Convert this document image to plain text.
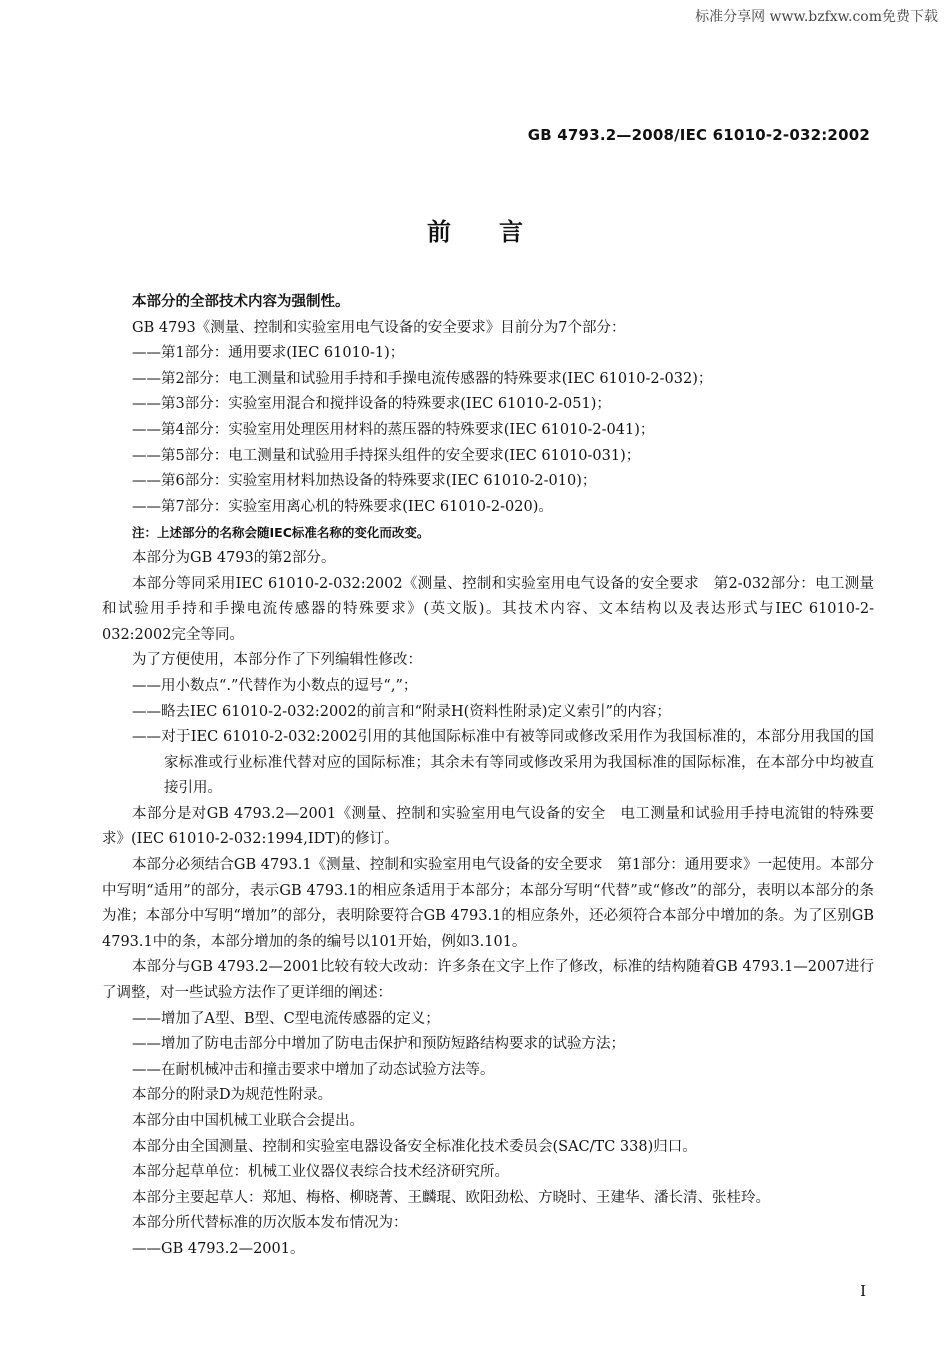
标准分享网 www.bzfxw.com免费下载
GB 4793.2—2008/IEC 61010-2-032:2002
前言

本部分的全部技术内容为强制性。

GB 4793《测量、控制和实验室用电气设备的安全要求》目前分为7个部分：

——第1部分：通用要求(IEC 61010-1)；

——第2部分：电工测量和试验用手持和手操电流传感器的特殊要求(IEC 61010-2-032)；

——第3部分：实验室用混合和搅拌设备的特殊要求(IEC 61010-2-051)；

——第4部分：实验室用处理医用材料的蒸压器的特殊要求(IEC 61010-2-041)；

——第5部分：电工测量和试验用手持探头组件的安全要求(IEC 61010-031)；

——第6部分：实验室用材料加热设备的特殊要求(IEC 61010-2-010)；

——第7部分：实验室用离心机的特殊要求(IEC 61010-2-020)。

注：上述部分的名称会随IEC标准名称的变化而改变。

本部分为GB 4793的第2部分。

本部分等同采用IEC 61010-2-032:2002《测量、控制和实验室用电气设备的安全要求　第2-032部分：电工测量和试验用手持和手操电流传感器的特殊要求》(英文版)。其技术内容、文本结构以及表达形式与IEC 61010-2-032:2002完全等同。

为了方便使用，本部分作了下列编辑性修改：

——用小数点“.”代替作为小数点的逗号“,”；

——略去IEC 61010-2-032:2002的前言和“附录H(资料性附录)定义索引”的内容；

——对于IEC 61010-2-032:2002引用的其他国际标准中有被等同或修改采用作为我国标准的，本部分用我国的国家标准或行业标准代替对应的国际标准；其余未有等同或修改采用为我国标准的国际标准，在本部分中均被直接引用。

本部分是对GB 4793.2—2001《测量、控制和实验室用电气设备的安全　电工测量和试验用手持电流钳的特殊要求》(IEC 61010-2-032:1994,IDT)的修订。

本部分必须结合GB 4793.1《测量、控制和实验室用电气设备的安全要求　第1部分：通用要求》一起使用。本部分中写明“适用”的部分，表示GB 4793.1的相应条适用于本部分；本部分写明“代替”或“修改”的部分，表明以本部分的条为准；本部分中写明“增加”的部分，表明除要符合GB 4793.1的相应条外，还必须符合本部分中增加的条。为了区别GB 4793.1中的条，本部分增加的条的编号以101开始，例如3.101。

本部分与GB 4793.2—2001比较有较大改动：许多条在文字上作了修改，标准的结构随着GB 4793.1—2007进行了调整，对一些试验方法作了更详细的阐述：

——增加了A型、B型、C型电流传感器的定义；

——增加了防电击部分中增加了防电击保护和预防短路结构要求的试验方法；

——在耐机械冲击和撞击要求中增加了动态试验方法等。

本部分的附录D为规范性附录。

本部分由中国机械工业联合会提出。

本部分由全国测量、控制和实验室电器设备安全标准化技术委员会(SAC/TC 338)归口。

本部分起草单位：机械工业仪器仪表综合技术经济研究所。

本部分主要起草人：郑旭、梅格、柳晓菁、王麟琨、欧阳劲松、方晓时、王建华、潘长清、张桂玲。

本部分所代替标准的历次版本发布情况为：

——GB 4793.2—2001。

I
